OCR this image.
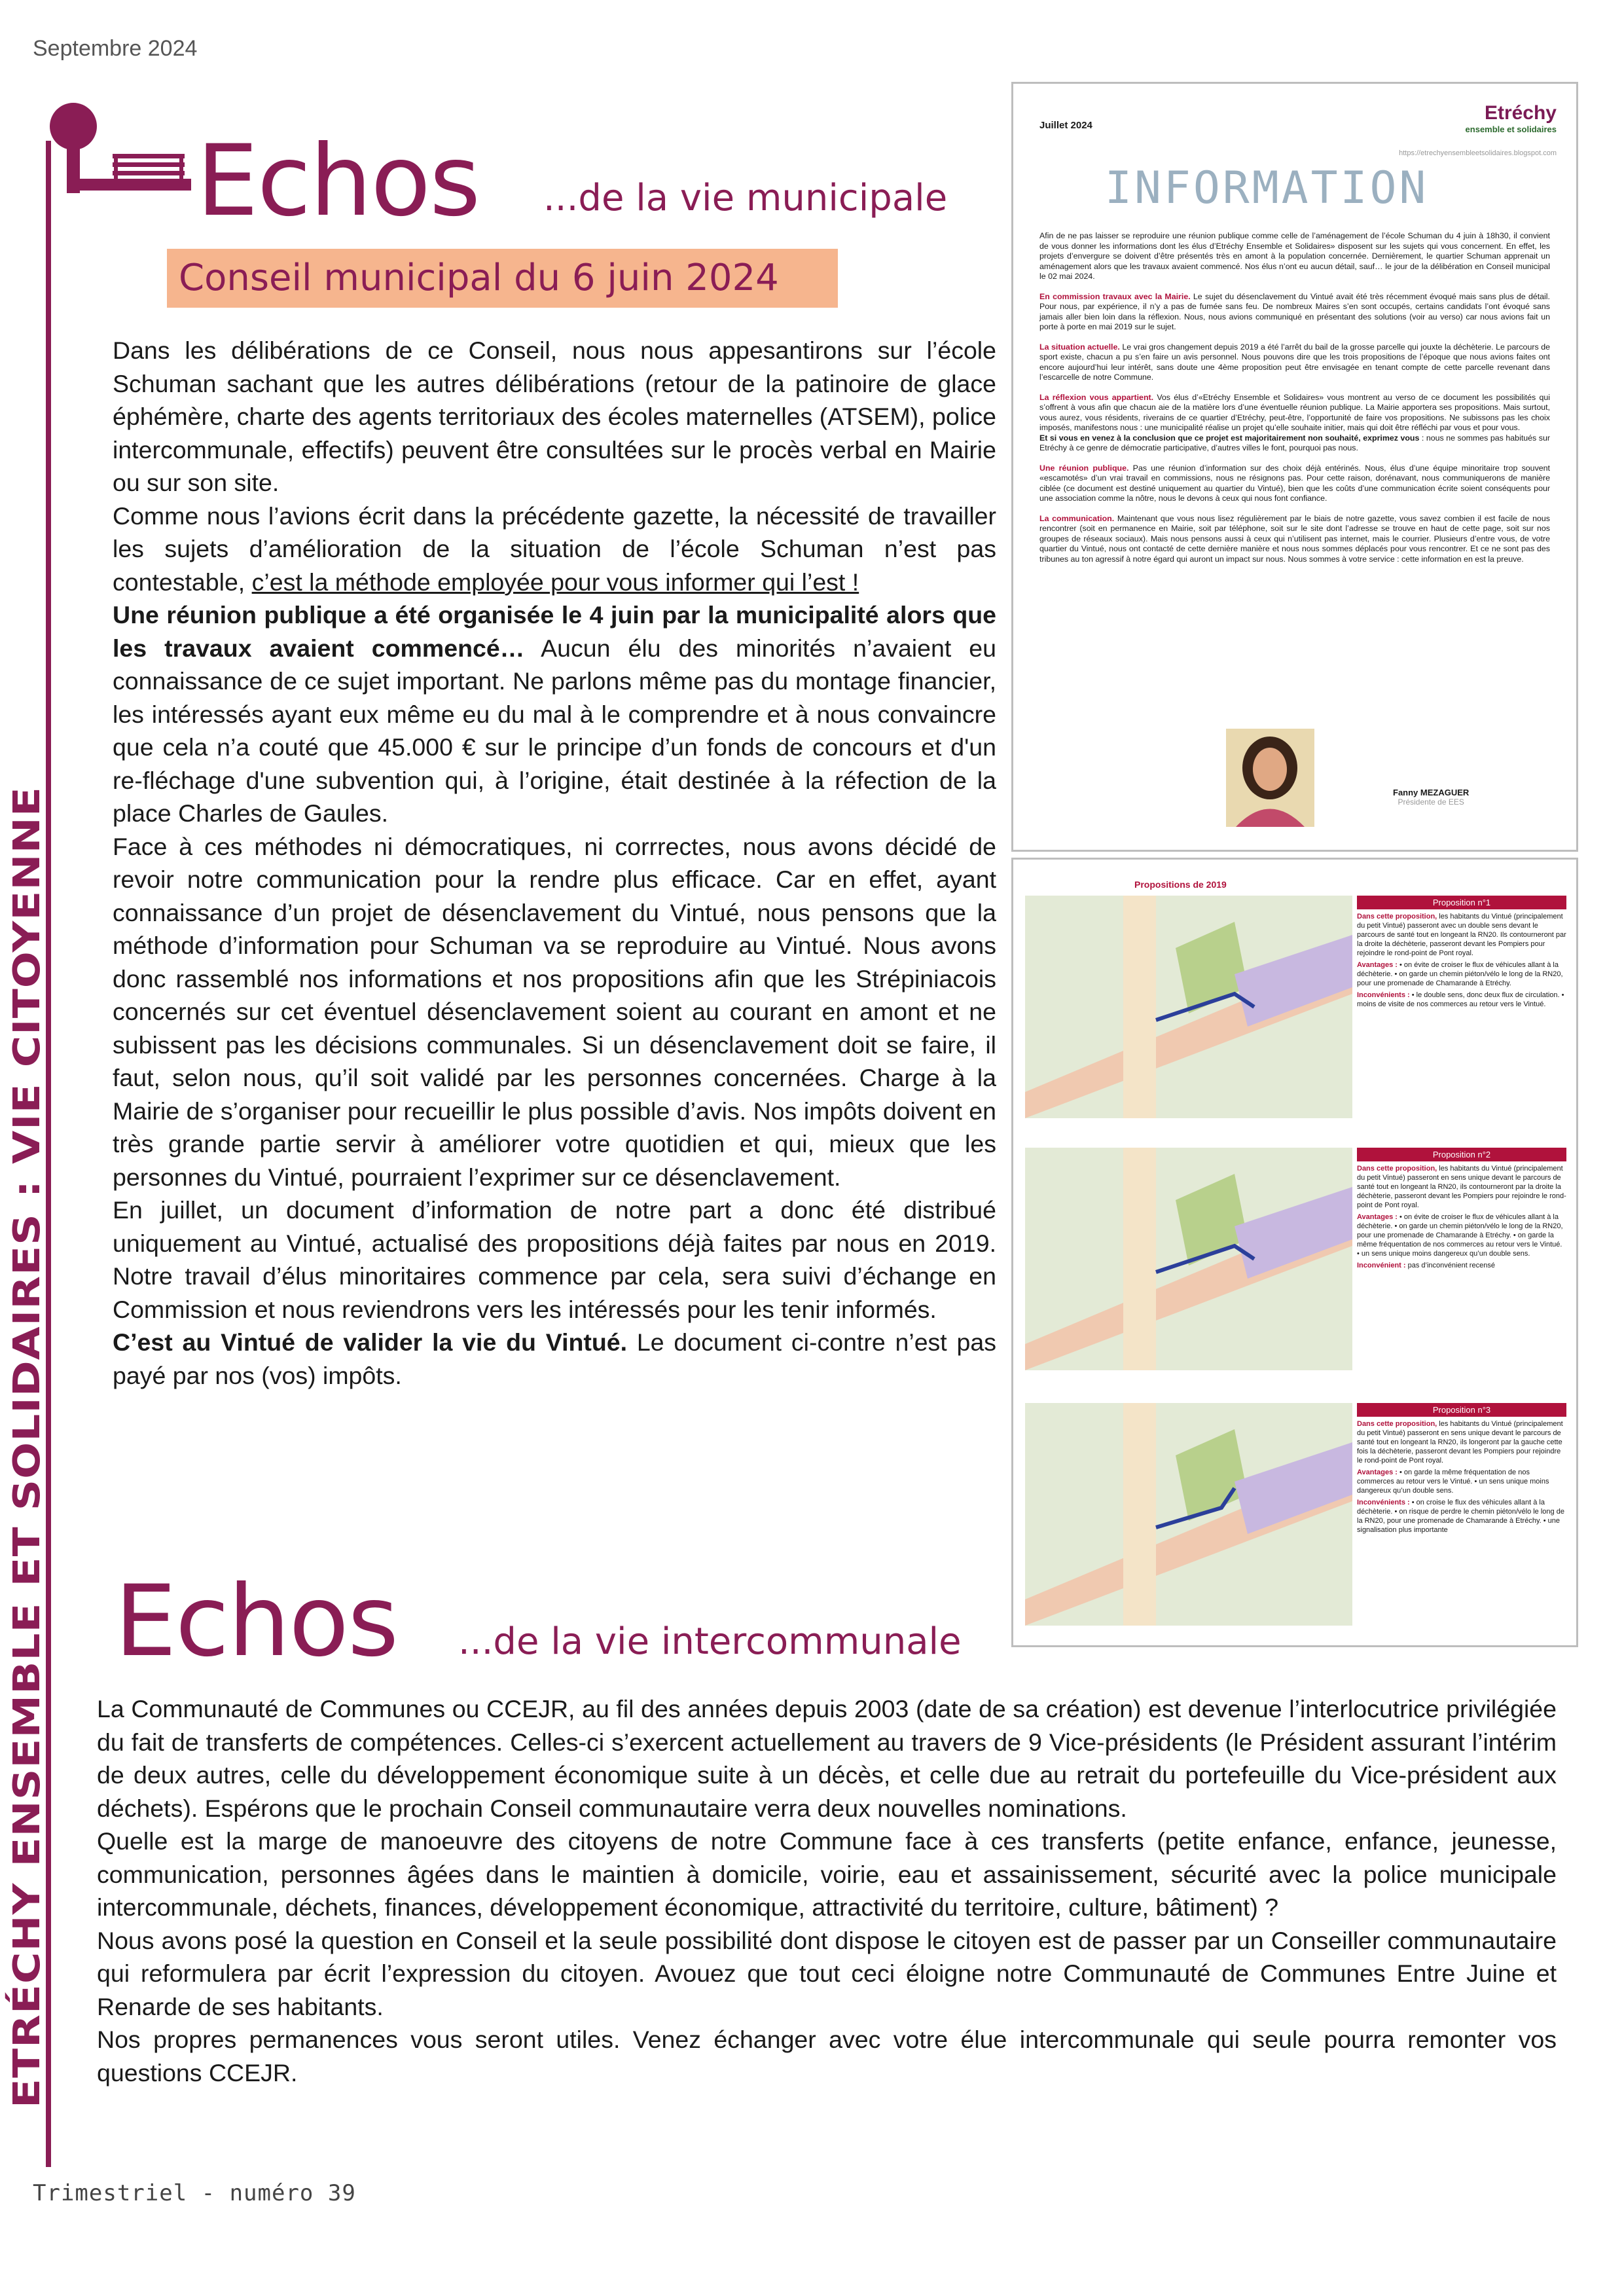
Septembre 2024
ETRÉCHY ENSEMBLE ET SOLIDAIRES : VIE CITOYENNE
Echos ...de la vie municipale
Conseil municipal du 6 juin 2024

Dans les délibérations de ce Conseil, nous nous appesantirons sur l’école Schuman sachant que les autres délibérations (retour de la patinoire de glace éphémère, charte des agents territoriaux des écoles maternelles (ATSEM), police intercommunale, effectifs) peuvent être consultées sur le procès verbal en Mairie ou sur son site.

Comme nous l’avions écrit dans la précédente gazette, la nécessité de travailler les sujets d’amélioration de la situation de l’école Schuman n’est pas contestable, c’est la méthode employée pour vous informer qui l’est !

Une réunion publique a été organisée le 4 juin par la municipalité alors que les travaux avaient commencé… Aucun élu des minorités n’avaient eu connaissance de ce sujet important. Ne parlons même pas du montage financier, les intéressés ayant eux même eu du mal à le comprendre et à nous convaincre que cela n’a couté que 45.000 € sur le principe d’un fonds de concours et d'un re-fléchage d'une subvention qui, à l’origine, était destinée à la réfection de la place Charles de Gaules.

Face à ces méthodes ni démocratiques, ni corrrectes, nous avons décidé de revoir notre communication pour la rendre plus efficace. Car en effet, ayant connaissance d’un projet de désenclavement du Vintué, nous pensons que la méthode d’information pour Schuman va se reproduire au Vintué. Nous avons donc rassemblé nos informations et nos propositions afin que les Strépiniacois concernés sur cet éventuel désenclavement soient au courant en amont et ne subissent pas les décisions communales. Si un désenclavement doit se faire, il faut, selon nous, qu’il soit validé par les personnes concernées. Charge à la Mairie de s’organiser pour recueillir le plus possible d’avis. Nos impôts doivent en très grande partie servir à améliorer votre quotidien et qui, mieux que les personnes du Vintué, pourraient l’exprimer sur ce désenclavement.

En juillet, un document d’information de notre part a donc été distribué uniquement au Vintué, actualisé des propositions déjà faites par nous en 2019. Notre travail d’élus minoritaires commence par cela, sera suivi d’échange en Commission et nous reviendrons vers les intéressés pour les tenir informés.

C’est au Vintué de valider la vie du Vintué. Le document ci-contre n’est pas payé par nos (vos) impôts.

Juillet 2024
Etréchy
ensemble et solidaires
https://etrechyensembleetsolidaires.blogspot.com
INFORMATION

Afin de ne pas laisser se reproduire une réunion publique comme celle de l’aménagement de l’école Schuman du 4 juin à 18h30, il convient de vous donner les informations dont les élus d’Etréchy Ensemble et Solidaires» disposent sur les sujets qui vous concernent. En effet, les projets d’envergure se doivent d’être présentés très en amont à la population concernée. Dernièrement, le quartier Schuman apprenait un aménagement alors que les travaux avaient commencé. Nos élus n’ont eu aucun détail, sauf… le jour de la délibération en Conseil municipal le 02 mai 2024.

En commission travaux avec la Mairie. Le sujet du désenclavement du Vintué avait été très récemment évoqué mais sans plus de détail. Pour nous, par expérience, il n’y a pas de fumée sans feu. De nombreux Maires s’en sont occupés, certains candidats l’ont évoqué sans jamais aller bien loin dans la réflexion. Nous, nous avions communiqué en présentant des solutions (voir au verso) car nous avions fait un porte à porte en mai 2019 sur le sujet.

La situation actuelle. Le vrai gros changement depuis 2019 a été l’arrêt du bail de la grosse parcelle qui jouxte la déchèterie. Le parcours de sport existe, chacun a pu s’en faire un avis personnel. Nous pouvons dire que les trois propositions de l’époque que nous avions faites ont encore aujourd’hui leur intérêt, sans doute une 4ème proposition peut être envisagée en tenant compte de cette parcelle revenant dans l’escarcelle de notre Commune.

La réflexion vous appartient. Vos élus d’«Etréchy Ensemble et Solidaires» vous montrent au verso de ce document les possibilités qui s’offrent à vous afin que chacun aie de la matière lors d’une éventuelle réunion publique. La Mairie apportera ses propositions. Mais surtout, vous aurez, vous résidents, riverains de ce quartier d’Etréchy, peut-être, l’opportunité de faire vos propositions. Ne subissons pas les choix imposés, manifestons nous : une municipalité réalise un projet qu’elle souhaite initier, mais qui doit être réfléchi par vous et pour vous.
Et si vous en venez à la conclusion que ce projet est majoritairement non souhaité, exprimez vous : nous ne sommes pas habitués sur Etréchy à ce genre de démocratie participative, d’autres villes le font, pourquoi pas nous.

Une réunion publique. Pas une réunion d’information sur des choix déjà entérinés. Nous, élus d’une équipe minoritaire trop souvent «escamotés» d’un vrai travail en commissions, nous ne résignons pas. Pour cette raison, dorénavant, nous communiquerons de manière ciblée (ce document est destiné uniquement au quartier du Vintué), bien que les coûts d’une communication écrite soient conséquents pour une association comme la nôtre, nous le devons à ceux qui nous font confiance.

La communication. Maintenant que vous nous lisez régulièrement par le biais de notre gazette, vous savez combien il est facile de nous rencontrer (soit en permanence en Mairie, soit par téléphone, soit sur le site dont l’adresse se trouve en haut de cette page, soit sur nos groupes de réseaux sociaux). Mais nous pensons aussi à ceux qui n’utilisent pas internet, mais le courrier. Plusieurs d’entre vous, de votre quartier du Vintué, nous ont contacté de cette dernière manière et nous nous sommes déplacés pour vous rencontrer. Et ce ne sont pas des tribunes au ton agressif à notre égard qui auront un impact sur nous. Nous sommes à votre service : cette information en est la preuve.

Fanny MEZAGUER
Présidente de EES
Propositions de 2019
Proposition n°1
Dans cette proposition, les habitants du Vintué (principalement du petit Vintué) passeront avec un double sens devant le parcours de santé tout en longeant la RN20. Ils contourneront par la droite la déchèterie, passeront devant les Pompiers pour rejoindre le rond-point de Pont royal.
Avantages : • on évite de croiser le flux de véhicules allant à la déchèterie. • on garde un chemin piéton/vélo le long de la RN20, pour une promenade de Chamarande à Etréchy.
Inconvénients : • le double sens, donc deux flux de circulation. • moins de visite de nos commerces au retour vers le Vintué.
Proposition n°2
Dans cette proposition, les habitants du Vintué (principalement du petit Vintué) passeront en sens unique devant le parcours de santé tout en longeant la RN20, ils contourneront par la droite la déchèterie, passeront devant les Pompiers pour rejoindre le rond-point de Pont royal.
Avantages : • on évite de croiser le flux de véhicules allant à la déchèterie. • on garde un chemin piéton/vélo le long de la RN20, pour une promenade de Chamarande à Etréchy. • on garde la même fréquentation de nos commerces au retour vers le Vintué. • un sens unique moins dangereux qu’un double sens.
Inconvénient : pas d’inconvénient recensé
Proposition n°3
Dans cette proposition, les habitants du Vintué (principalement du petit Vintué) passeront en sens unique devant le parcours de santé tout en longeant la RN20, ils longeront par la gauche cette fois la déchèterie, passeront devant les Pompiers pour rejoindre le rond-point de Pont royal.
Avantages : • on garde la même fréquentation de nos commerces au retour vers le Vintué. • un sens unique moins dangereux qu’un double sens.
Inconvénients : • on croise le flux des véhicules allant à la déchèterie. • on risque de perdre le chemin piéton/vélo le long de la RN20, pour une promenade de Chamarande à Etréchy. • une signalisation plus importante
Echos ...de la vie intercommunale

La Communauté de Communes ou CCEJR, au fil des années depuis 2003 (date de sa création) est devenue l’interlocutrice privilégiée du fait de transferts de compétences. Celles-ci s’exercent actuellement au travers de 9 Vice-présidents (le Président assurant l’intérim de deux autres, celle du développement économique suite à un décès, et celle due au retrait du portefeuille du Vice-président aux déchets). Espérons que le prochain Conseil communautaire verra deux nouvelles nominations.

Quelle est la marge de manoeuvre des citoyens de notre Commune face à ces transferts (petite enfance, enfance, jeunesse, communication, personnes âgées dans le maintien à domicile, voirie, eau et assainissement, sécurité avec la police municipale intercommunale, déchets, finances, développement économique, attractivité du territoire, culture, bâtiment) ?

Nous avons posé la question en Conseil et la seule possibilité dont dispose le citoyen est de passer par un Conseiller communautaire qui reformulera par écrit l’expression du citoyen. Avouez que tout ceci éloigne notre Communauté de Communes Entre Juine et Renarde de ses habitants.

Nos propres permanences vous seront utiles. Venez échanger avec votre élue intercommunale qui seule pourra remonter vos questions CCEJR.

Trimestriel - numéro 39
